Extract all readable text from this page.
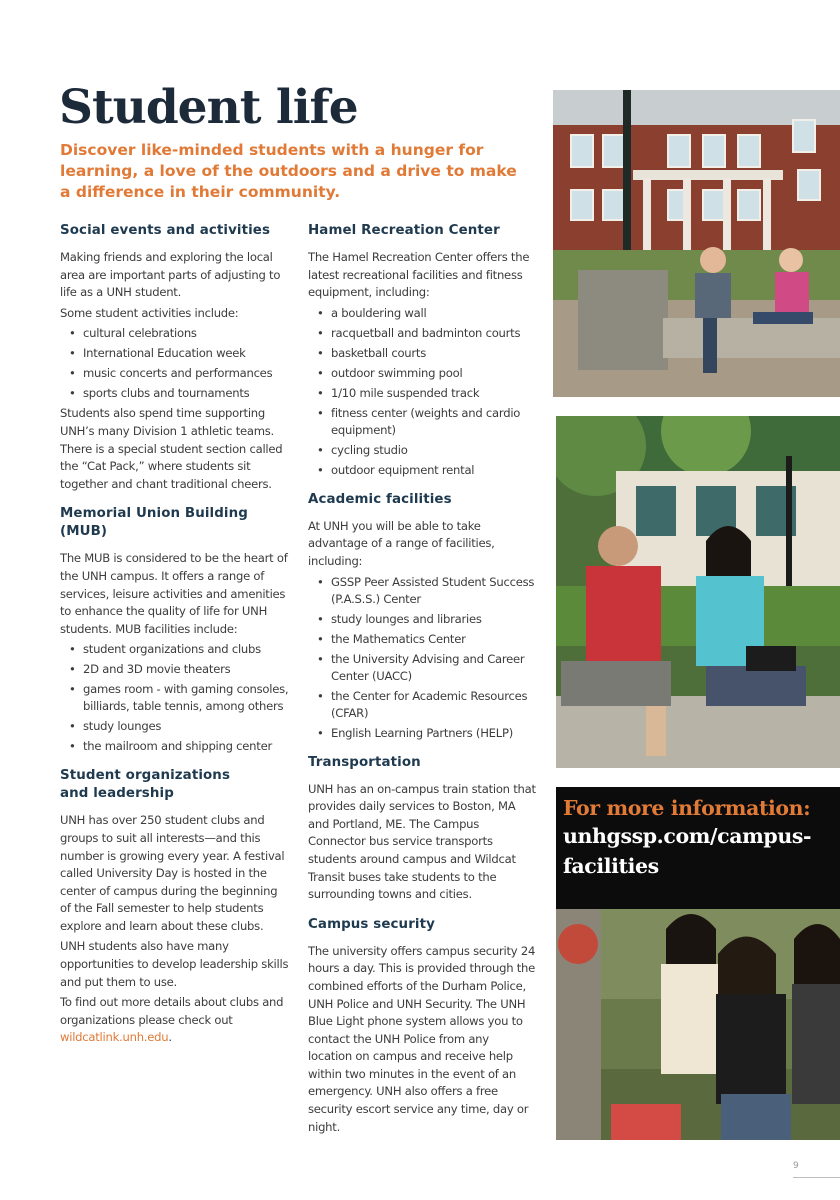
Student life
Discover like-minded students with a hunger for learning, a love of the outdoors and a drive to make a difference in their community.
Social events and activities

Making friends and exploring the local area are important parts of adjusting to life as a UNH student.

Some student activities include:

• cultural celebrations
• International Education week
• music concerts and performances
• sports clubs and tournaments

Students also spend time supporting UNH’s many Division 1 athletic teams. There is a special student section called the “Cat Pack,” where students sit together and chant traditional cheers.

Memorial Union Building (MUB)

The MUB is considered to be the heart of the UNH campus. It offers a range of services, leisure activities and amenities to enhance the quality of life for UNH students. MUB facilities include:

• student organizations and clubs
• 2D and 3D movie theaters
• games room - with gaming consoles, billiards, table tennis, among others
• study lounges
• the mailroom and shipping center
Student organizations
and leadership

UNH has over 250 student clubs and groups to suit all interests—and this number is growing every year. A festival called University Day is hosted in the center of campus during the beginning of the Fall semester to help students explore and learn about these clubs.

UNH students also have many opportunities to develop leadership skills and put them to use.

To find out more details about clubs and organizations please check out wildcatlink.unh.edu.

Hamel Recreation Center

The Hamel Recreation Center offers the latest recreational facilities and fitness equipment, including:

• a bouldering wall
• racquetball and badminton courts
• basketball courts
• outdoor swimming pool
• 1/10 mile suspended track
• fitness center (weights and cardio equipment)
• cycling studio
• outdoor equipment rental
Academic facilities

At UNH you will be able to take advantage of a range of facilities, including:

• GSSP Peer Assisted Student Success (P.A.S.S.) Center
• study lounges and libraries
• the Mathematics Center
• the University Advising and Career Center (UACC)
• the Center for Academic Resources (CFAR)
• English Learning Partners (HELP)
Transportation

UNH has an on-campus train station that provides daily services to Boston, MA and Portland, ME. The Campus Connector bus service transports students around campus and Wildcat Transit buses take students to the surrounding towns and cities.

Campus security

The university offers campus security 24 hours a day. This is provided through the combined efforts of the Durham Police, UNH Police and UNH Security. The UNH Blue Light phone system allows you to contact the UNH Police from any location on campus and receive help within two minutes in the event of an emergency. UNH also offers a free security escort service any time, day or night.

For more information:
unhgssp.com/campus-
facilities
9
